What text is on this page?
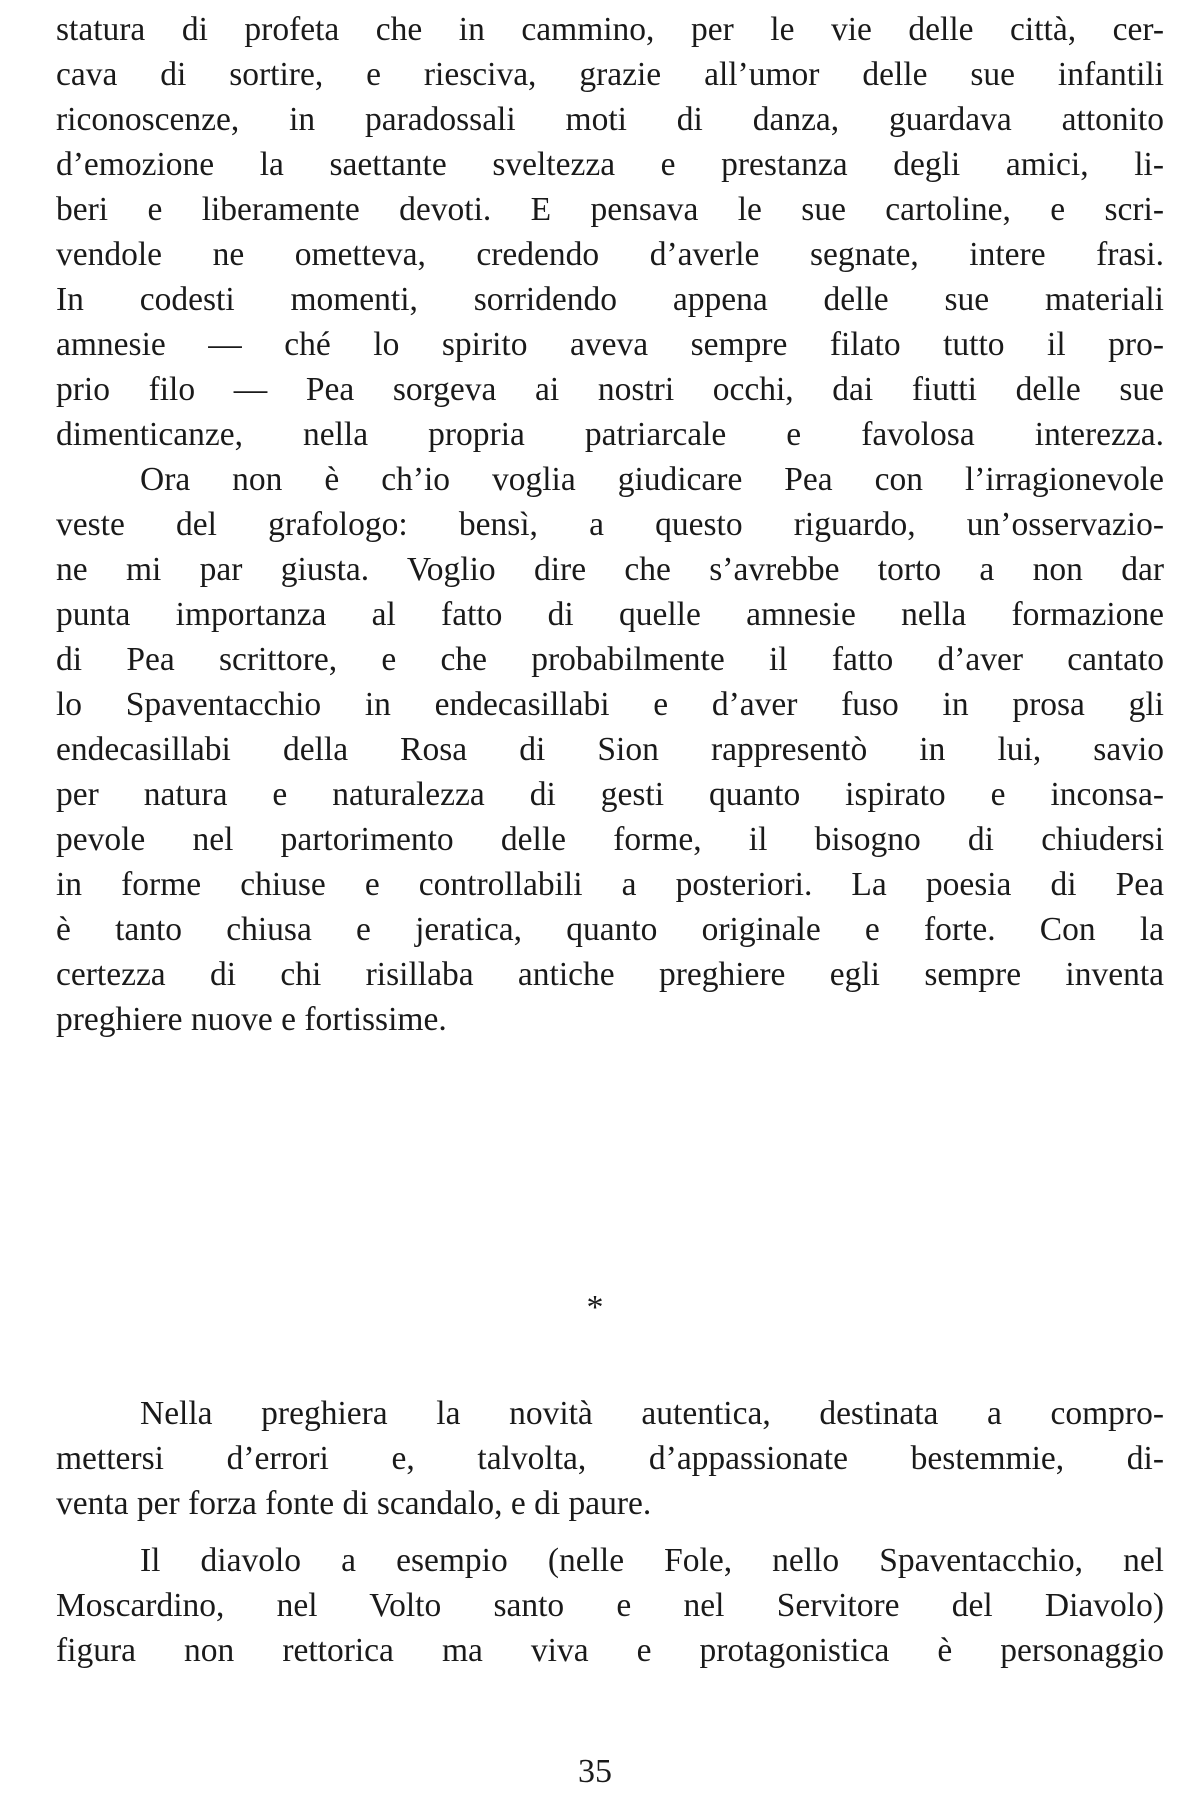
statura di profeta che in cammino, per le vie delle città, cer-
cava di sortire, e riesciva, grazie all’umor delle sue infantili
riconoscenze, in paradossali moti di danza, guardava attonito
d’emozione la saettante sveltezza e prestanza degli amici, li-
beri e liberamente devoti. E pensava le sue cartoline, e scri-
vendole ne ometteva, credendo d’averle segnate, intere frasi.
In codesti momenti, sorridendo appena delle sue materiali
amnesie — ché lo spirito aveva sempre filato tutto il pro-
prio filo — Pea sorgeva ai nostri occhi, dai fiutti delle sue
dimenticanze, nella propria patriarcale e favolosa interezza.
Ora non è ch’io voglia giudicare Pea con l’irragionevole
veste del grafologo: bensì, a questo riguardo, un’osservazio-
ne mi par giusta. Voglio dire che s’avrebbe torto a non dar
punta importanza al fatto di quelle amnesie nella formazione
di Pea scrittore, e che probabilmente il fatto d’aver cantato
lo Spaventacchio in endecasillabi e d’aver fuso in prosa gli
endecasillabi della Rosa di Sion rappresentò in lui, savio
per natura e naturalezza di gesti quanto ispirato e inconsa-
pevole nel partorimento delle forme, il bisogno di chiudersi
in forme chiuse e controllabili a posteriori. La poesia di Pea
è tanto chiusa e jeratica, quanto originale e forte. Con la
certezza di chi risillaba antiche preghiere egli sempre inventa
preghiere nuove e fortissime.
*
Nella preghiera la novità autentica, destinata a compro-
mettersi d’errori e, talvolta, d’appassionate bestemmie, di-
venta per forza fonte di scandalo, e di paure.
Il diavolo a esempio (nelle Fole, nello Spaventacchio, nel
Moscardino, nel Volto santo e nel Servitore del Diavolo)
figura non rettorica ma viva e protagonistica è personaggio
35
